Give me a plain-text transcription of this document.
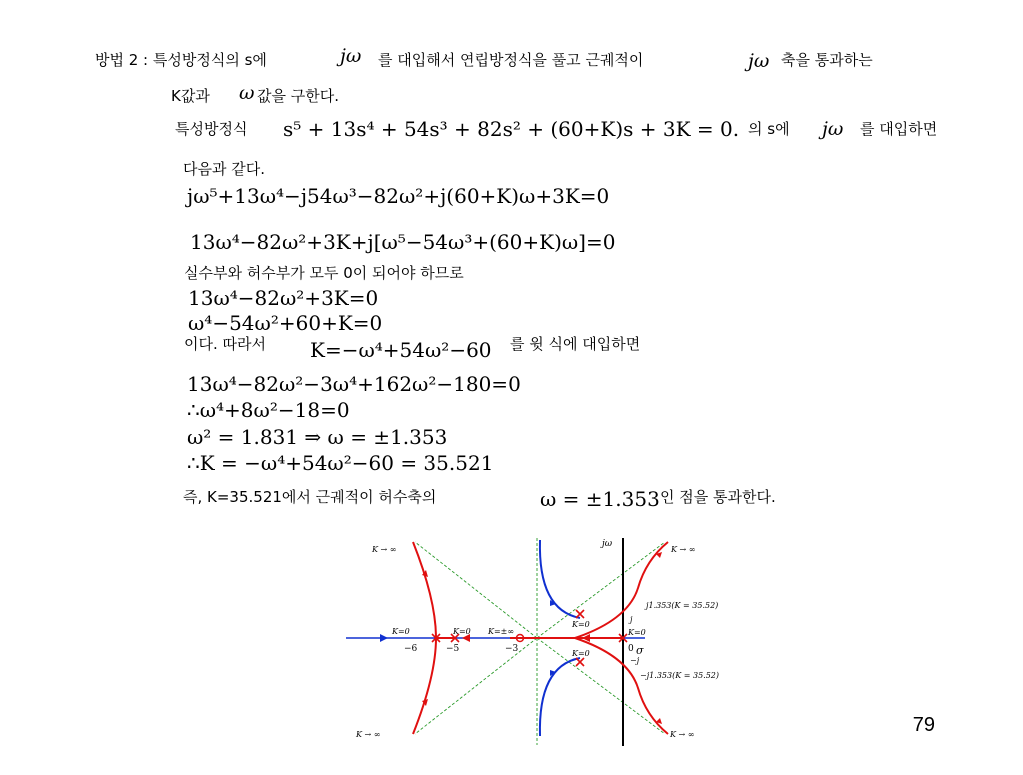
방법 2 : 특성방정식의 s에	jω 를 대입해서 연립방정식을 풀고 근궤적이	jω 축을 통과하는
K값과 ω 값을 구한다.
특성방정식 s⁵ + 13s⁴ + 54s³ + 82s² + (60+K)s + 3K = 0. 의 s에 jω 를 대입하면
다음과 같다.
jω⁵+13ω⁴−j54ω³−82ω²+j(60+K)ω+3K=0
13ω⁴−82ω²+3K+j[ω⁵−54ω³+(60+K)ω]=0
실수부와 허수부가 모두 0이 되어야 하므로
13ω⁴−82ω²+3K=0
ω⁴−54ω²+60+K=0
이다. 따라서 K=−ω⁴+54ω²−60 를 윗 식에 대입하면
13ω⁴−82ω²−3ω⁴+162ω²−180=0
∴ω⁴+8ω²−18=0
ω² = 1.831 ⇒ ω = ±1.353
∴K = −ω⁴+54ω²−60 = 35.521
즉, K=35.521에서 근궤적이 허수축의	ω = ±1.353 인 점을 통과한다.
jω
σ
K → ∞	K → ∞
K → ∞	K → ∞
K=0	K=0 K=±∞
K=0
K=0
K=0
j1.353(K = 35.52)
−j1.353(K = 35.52)
j
−j
−6	−5	−3	0
79
